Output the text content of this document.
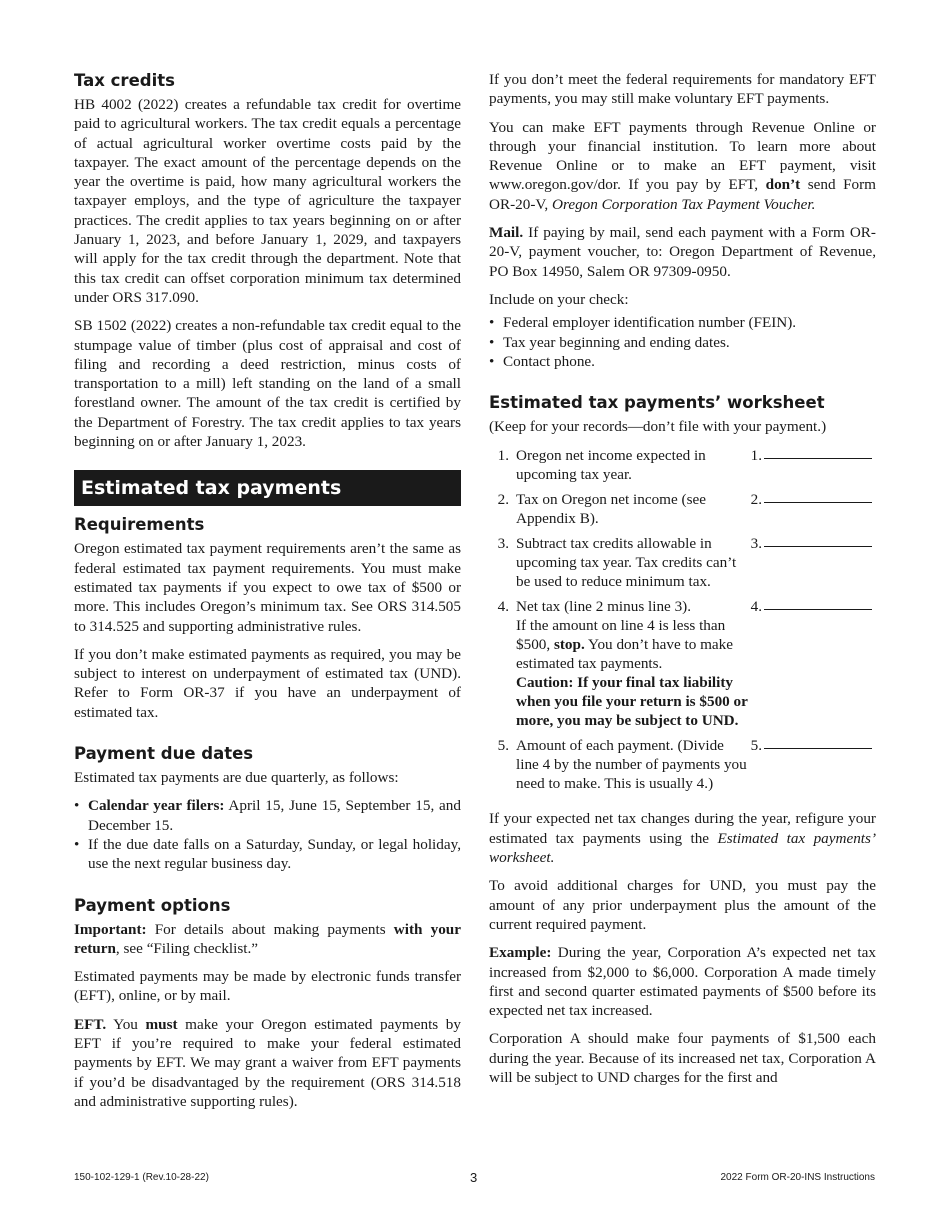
Tax credits

HB 4002 (2022) creates a refundable tax credit for overtime paid to agricultural workers. The tax credit equals a percentage of actual agricultural worker overtime costs paid by the taxpayer. The exact amount of the percentage depends on the year the overtime is paid, how many agricultural workers the taxpayer employs, and the type of agriculture the taxpayer practices. The credit applies to tax years beginning on or after January 1, 2023, and before January 1, 2029, and taxpayers will apply for the tax credit through the department. Note that this tax credit can offset corporation minimum tax determined under ORS 317.090.

SB 1502 (2022) creates a non-refundable tax credit equal to the stumpage value of timber (plus cost of appraisal and cost of filing and recording a deed restriction, minus costs of transportation to a mill) left standing on the land of a small forestland owner. The amount of the tax credit is certified by the Department of Forestry. The tax credit applies to tax years beginning on or after January 1, 2023.

Estimated tax payments
Requirements

Oregon estimated tax payment requirements aren’t the same as federal estimated tax payment requirements. You must make estimated tax payments if you expect to owe tax of $500 or more. This includes Oregon’s minimum tax. See ORS 314.505 to 314.525 and supporting administrative rules.

If you don’t make estimated payments as required, you may be subject to interest on underpayment of estimated tax (UND). Refer to Form OR-37 if you have an underpayment of estimated tax.

Payment due dates

Estimated tax payments are due quarterly, as follows:

• Calendar year filers: April 15, June 15, September 15, and December 15.
• If the due date falls on a Saturday, Sunday, or legal holiday, use the next regular business day.
Payment options

Important: For details about making payments with your return, see “Filing checklist.”

Estimated payments may be made by electronic funds transfer (EFT), online, or by mail.

EFT. You must make your Oregon estimated payments by EFT if you’re required to make your federal estimated payments by EFT. We may grant a waiver from EFT payments if you’d be disadvantaged by the requirement (ORS 314.518 and administrative supporting rules).

If you don’t meet the federal requirements for mandatory EFT payments, you may still make voluntary EFT payments.

You can make EFT payments through Revenue Online or through your financial institution. To learn more about Revenue Online or to make an EFT payment, visit www.oregon.gov/dor. If you pay by EFT, don’t send Form OR-20-V, Oregon Corporation Tax Payment Voucher.

Mail. If paying by mail, send each payment with a Form OR-20-V, payment voucher, to: Oregon Department of Revenue, PO Box 14950, Salem OR 97309-0950.

Include on your check:

• Federal employer identification number (FEIN).
• Tax year beginning and ending dates.
• Contact phone.
Estimated tax payments’ worksheet

(Keep for your records—don’t file with your payment.)

1. Oregon net income expected in upcoming tax year.
1.
2. Tax on Oregon net income (see Appendix B).
2.
3. Subtract tax credits allowable in upcoming tax year. Tax credits can’t be used to reduce minimum tax.
3.
4. Net tax (line 2 minus line 3).
If the amount on line 4 is less than $500, stop. You don’t have to make estimated tax payments.
Caution: If your final tax liability when you file your return is $500 or more, you may be subject to UND.
4.
5. Amount of each payment. (Divide line 4 by the number of payments you need to make. This is usually 4.)
5.

If your expected net tax changes during the year, refigure your estimated tax payments using the Estimated tax payments’ worksheet.

To avoid additional charges for UND, you must pay the amount of any prior underpayment plus the amount of the current required payment.

Example: During the year, Corporation A’s expected net tax increased from $2,000 to $6,000. Corporation A made timely first and second quarter estimated payments of $500 before its expected net tax increased.

Corporation A should make four payments of $1,500 each during the year. Because of its increased net tax, Corporation A will be subject to UND charges for the first and

150-102-129-1 (Rev.10-28-22)	3	2022 Form OR-20-INS Instructions
